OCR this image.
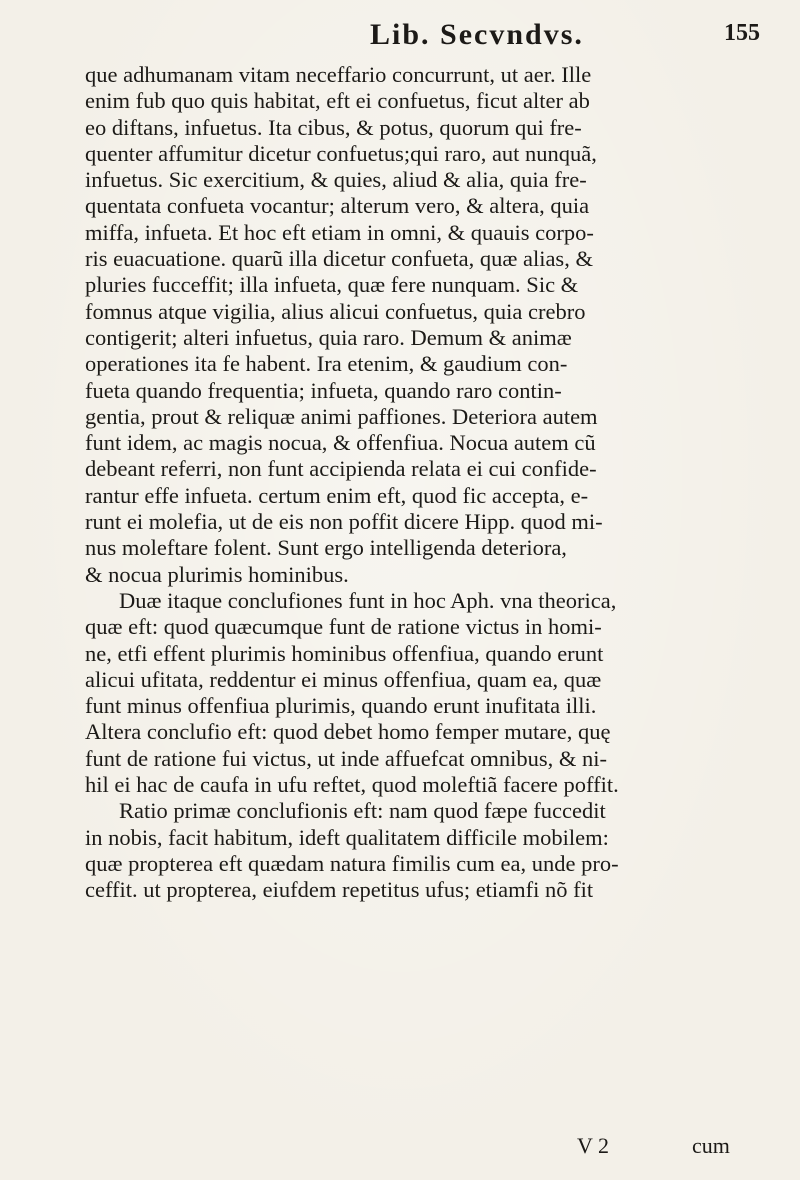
Lib. Secvndvs.	155
que adhumanam vitam neceffario concurrunt, ut aer. Ille
enim fub quo quis habitat, eft ei confuetus, ficut alter ab
eo diftans, infuetus. Ita cibus, & potus, quorum qui fre-
quenter affumitur dicetur confuetus;qui raro, aut nunquã,
infuetus. Sic exercitium, & quies, aliud & alia, quia fre-
quentata confueta vocantur; alterum vero, & altera, quia
miffa, infueta. Et hoc eft etiam in omni, & quauis corpo-
ris euacuatione. quarũ illa dicetur confueta, quæ alias, &
pluries fucceffit; illa infueta, quæ fere nunquam. Sic &
fomnus atque vigilia, alius alicui confuetus, quia crebro
contigerit; alteri infuetus, quia raro. Demum & animæ
operationes ita fe habent. Ira etenim, & gaudium con-
fueta quando frequentia; infueta, quando raro contin-
gentia, prout & reliquæ animi paffiones. Deteriora autem
funt idem, ac magis nocua, & offenfiua. Nocua autem cũ
debeant referri, non funt accipienda relata ei cui confide-
rantur effe infueta. certum enim eft, quod fic accepta, e-
runt ei molefia, ut de eis non poffit dicere Hipp. quod mi-
nus moleftare folent. Sunt ergo intelligenda deteriora,
& nocua plurimis hominibus.
Duæ itaque conclufiones funt in hoc Aph. vna theorica,
quæ eft: quod quæcumque funt de ratione victus in homi-
ne, etfi effent plurimis hominibus offenfiua, quando erunt
alicui ufitata, reddentur ei minus offenfiua, quam ea, quæ
funt minus offenfiua plurimis, quando erunt inufitata illi.
Altera conclufio eft: quod debet homo femper mutare, quę
funt de ratione fui victus, ut inde affuefcat omnibus, & ni-
hil ei hac de caufa in ufu reftet, quod moleftiã facere poffit.
Ratio primæ conclufionis eft: nam quod fæpe fuccedit
in nobis, facit habitum, ideft qualitatem difficile mobilem:
quæ propterea eft quædam natura fimilis cum ea, unde pro-
ceffit. ut propterea, eiufdem repetitus ufus; etiamfi nõ fit
V 2	cum
